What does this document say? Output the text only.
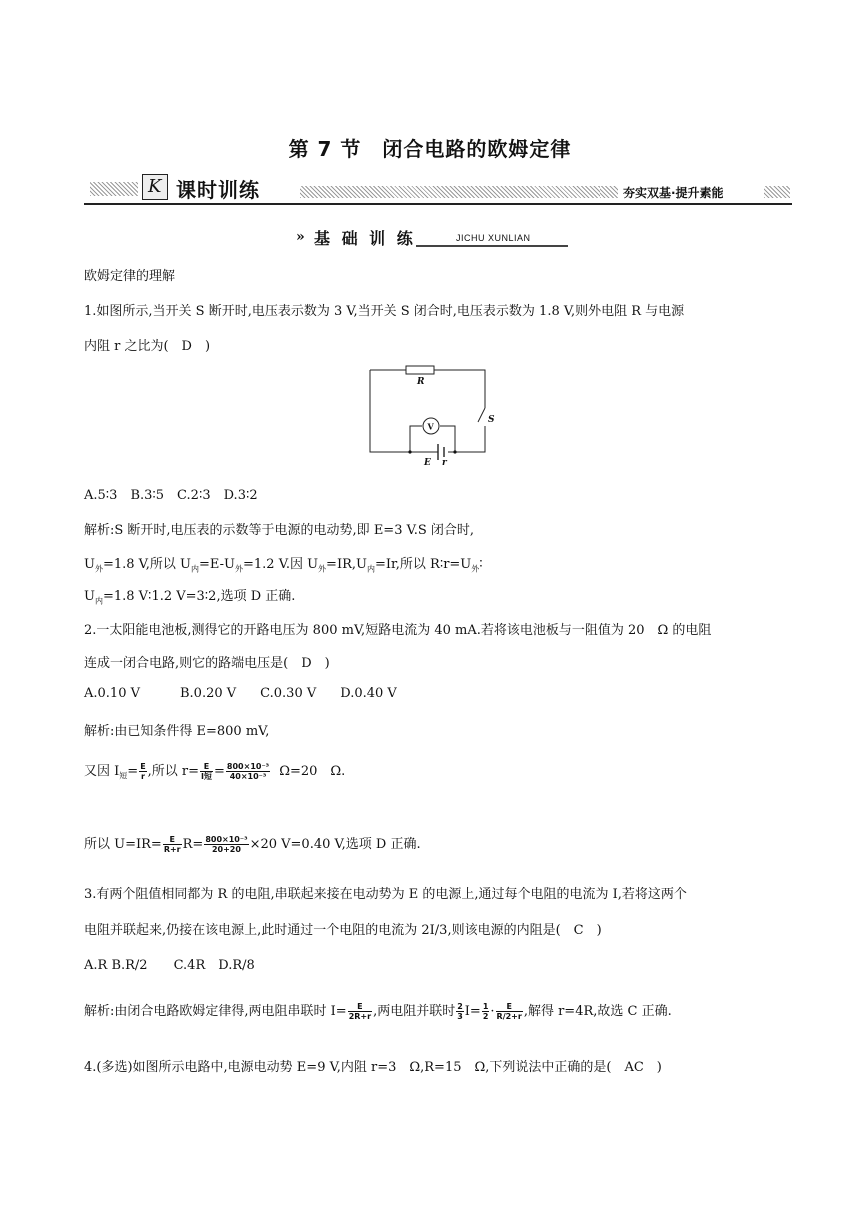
第 7 节　闭合电路的欧姆定律
K 课时训练	夯实双基·提升素能
» 基 础 训 练	JICHU XUNLIAN

欧姆定律的理解

1.如图所示,当开关 S 断开时,电压表示数为 3 V,当开关 S 闭合时,电压表示数为 1.8 V,则外电阻 R 与电源

内阻 r 之比为(　D　)

R
V
S
E r

A.5∶3　B.3∶5　C.2∶3　D.3∶2

解析:S 断开时,电压表的示数等于电源的电动势,即 E=3 V.S 闭合时,

$U_外=1.8$ V,所以 $U_内=E-U_外=1.2$ V.因 $U_外=IR,U_内=Ir$,所以 $R∶r=U_外∶$

$U_内=1.8$ V∶1.2 V=3∶2,选项 D 正确.

2.一太阳能电池板,测得它的开路电压为 800 mV,短路电流为 40 mA.若将该电池板与一阻值为 20　Ω 的电阻

连成一闭合电路,则它的路端电压是(　D　)

A.0.10 V	B.0.20 V C.0.30 V D.0.40 V

解析:由已知条件得 E=800 mV,

又因 $I_短= \frac{E}{r}$ ,所以 $r= \frac{E}{\text{I短}} = \frac{\text{800×10⁻³}}{\text{40×10⁻³}} \Omega=20$　Ω.

所以 $U=IR= \frac{E}{R+r} R= \frac{\text{800×10⁻³}}{20+20} \times 20$ V=0.40 V,选项 D 正确.

3.有两个阻值相同都为 R 的电阻,串联起来接在电动势为 E 的电源上,通过每个电阻的电流为 I,若将这两个

电阻并联起来,仍接在该电源上,此时通过一个电阻的电流为 2I/3,则该电源的内阻是(　C　)

A.R B.R/2　　C.4R　D.R/8

解析:由闭合电路欧姆定律得,两电阻串联时 $I= \frac{E}{2R+r}$ ,两电阻并联时 $\frac{2}{3} I= \frac{1}{2} \cdot \frac{E}{R/2+r}$ ,解得 r=4R,故选 C 正确.

4.(多选)如图所示电路中,电源电动势 E=9 V,内阻 r=3　Ω,R=15　Ω,下列说法中正确的是(　AC　)
